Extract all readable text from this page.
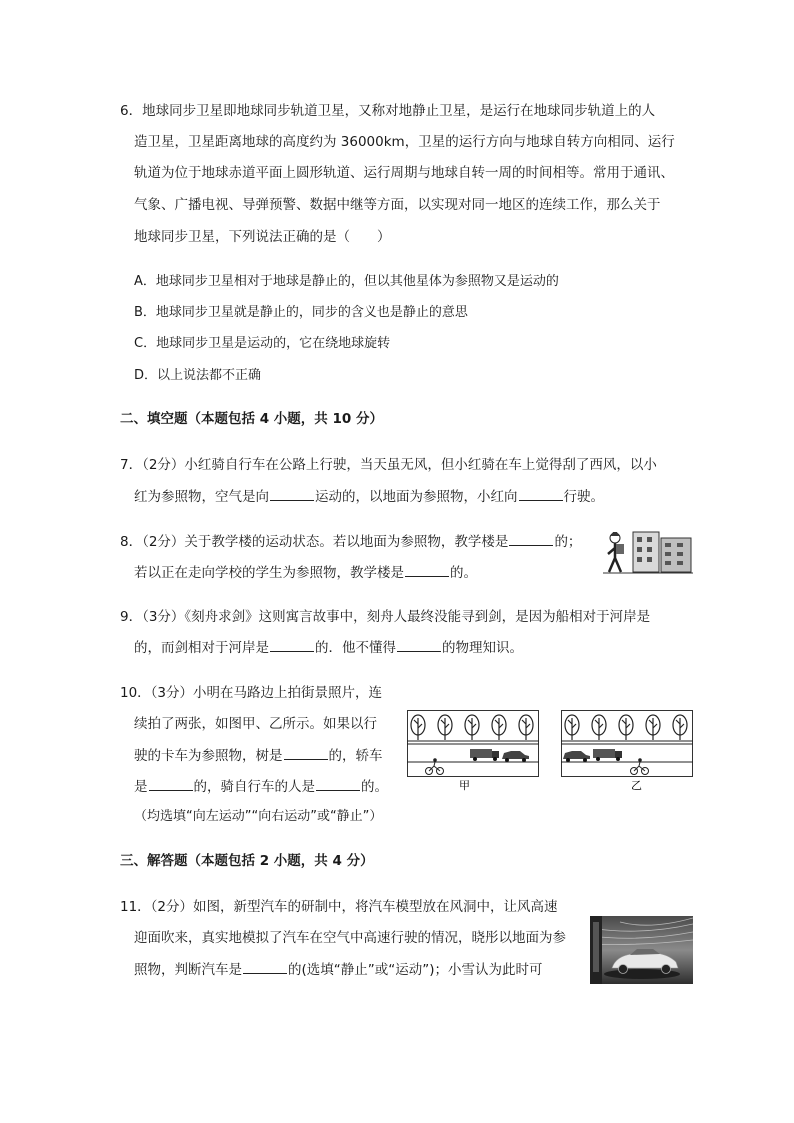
6．地球同步卫星即地球同步轨道卫星，又称对地静止卫星，是运行在地球同步轨道上的人
造卫星，卫星距离地球的高度约为 36000km，卫星的运行方向与地球自转方向相同、运行
轨道为位于地球赤道平面上圆形轨道、运行周期与地球自转一周的时间相等。常用于通讯、
气象、广播电视、导弹预警、数据中继等方面，以实现对同一地区的连续工作，那么关于
地球同步卫星，下列说法正确的是（　　）
A．地球同步卫星相对于地球是静止的，但以其他星体为参照物又是运动的
B．地球同步卫星就是静止的，同步的含义也是静止的意思
C．地球同步卫星是运动的，它在绕地球旋转
D．以上说法都不正确
二、填空题（本题包括 4 小题，共 10 分）
7．（2分）小红骑自行车在公路上行驶，当天虽无风，但小红骑在车上觉得刮了西风，以小
红为参照物，空气是向	运动的，以地面为参照物，小红向	行驶。
8．（2分）关于教学楼的运动状态。若以地面为参照物，教学楼是	的；
若以正在走向学校的学生为参照物，教学楼是	的。
9．（3分）《刻舟求剑》这则寓言故事中，刻舟人最终没能寻到剑，是因为船相对于河岸是
的，而剑相对于河岸是	的．他不懂得	的物理知识。
10．（3分）小明在马路边上拍街景照片，连
续拍了两张，如图甲、乙所示。如果以行
驶的卡车为参照物，树是	的，轿车
是	的，骑自行车的人是	的。
（均选填“向左运动”“向右运动”或“静止”）
甲	乙
三、解答题（本题包括 2 小题，共 4 分）
11．（2分）如图，新型汽车的研制中，将汽车模型放在风洞中，让风高速
迎面吹来，真实地模拟了汽车在空气中高速行驶的情况，晓彤以地面为参
照物，判断汽车是	的(选填“静止”或“运动”)；小雪认为此时可
